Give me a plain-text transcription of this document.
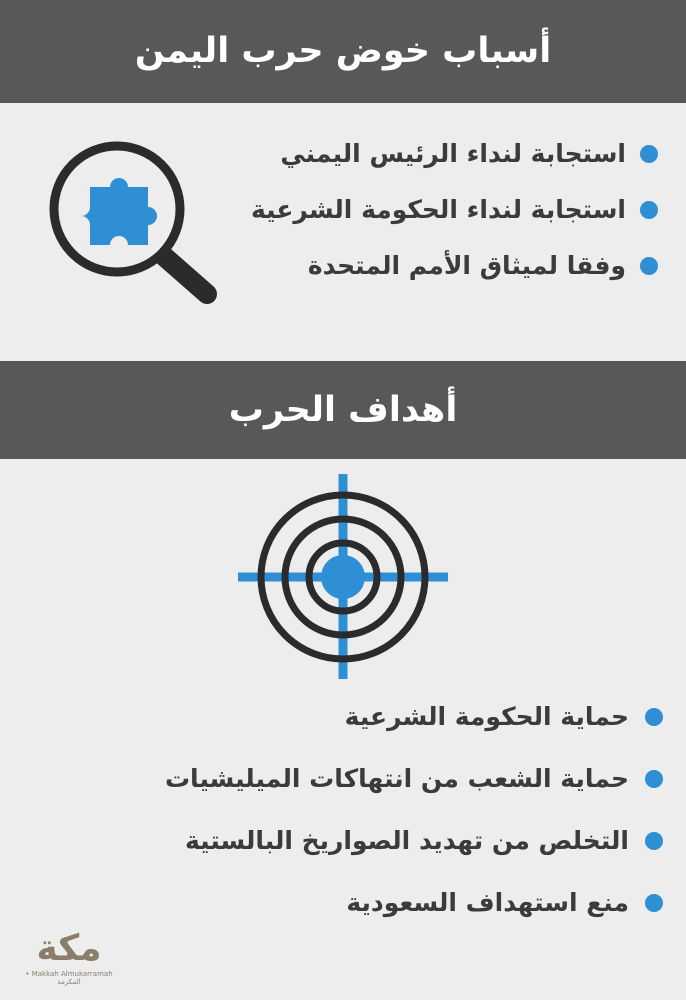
أسباب خوض حرب اليمن
استجابة لنداء الرئيس اليمني
استجابة لنداء الحكومة الشرعية
وفقا لميثاق الأمم المتحدة
أهداف الحرب
حماية الحكومة الشرعية
حماية الشعب من انتهاكات الميليشيات
التخلص من تهديد الصواريخ البالستية
منع استهداف السعودية
مكة
Makkah Almukarramah • المكرمة
